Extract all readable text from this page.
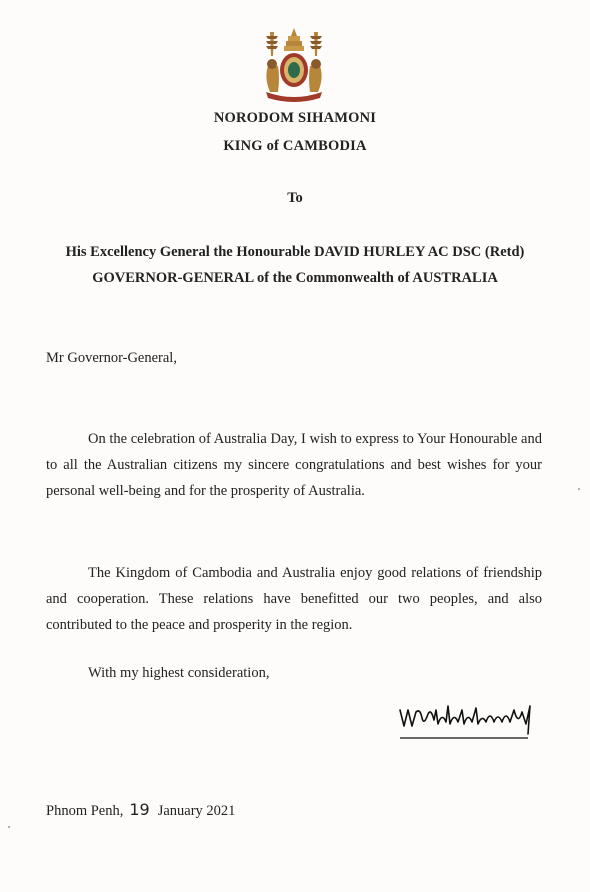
NORODOM SIHAMONI
KING of CAMBODIA
To
His Excellency General the Honourable DAVID HURLEY AC DSC (Retd)
GOVERNOR-GENERAL of the Commonwealth of AUSTRALIA
Mr Governor-General,
On the celebration of Australia Day, I wish to express to Your Honourable and to all the Australian citizens my sincere congratulations and best wishes for your personal well-being and for the prosperity of Australia.
The Kingdom of Cambodia and Australia enjoy good relations of friendship and cooperation. These relations have benefitted our two peoples, and also contributed to the peace and prosperity in the region.
With my highest consideration,
Phnom Penh, 19 January 2021
